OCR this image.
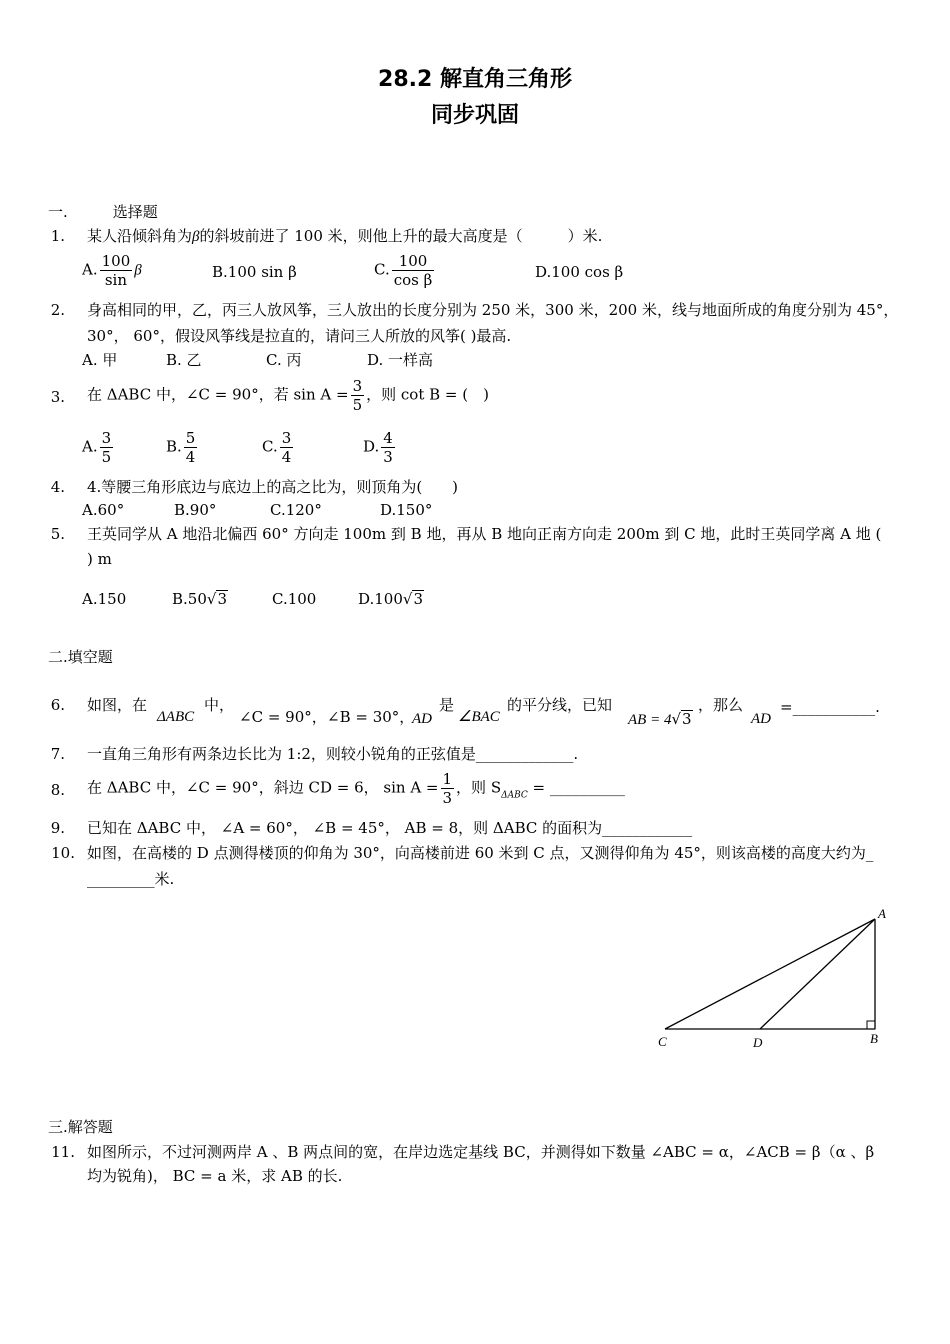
28.2 解直角三角形
同步巩固
一.　　　选择题
1. 某人沿倾斜角为β的斜坡前进了 100 米，则他上升的最大高度是（　　　）米.
A. $\frac{100}{\sin}$ β	B.100 sin β	C. $\frac{100}{\text{cos β}}$	D.100 cos β
2. 身高相同的甲，乙，丙三人放风筝，三人放出的长度分别为 250 米，300 米，200 米，线与地面所成的角度分别为 45°，
30°， 60°，假设风筝线是拉直的，请问三人所放的风筝( )最高.
A. 甲	B. 乙	C. 丙	D. 一样高
3. 在 ΔABC 中，∠C = 90°，若 $\sin A = \frac{3}{5}$ ，则 cot B = (　)
A. $\frac{3}{5}$	B. $\frac{5}{4}$	C. $\frac{3}{4}$	D. $\frac{4}{3}$
4. 4.等腰三角形底边与底边上的高之比为，则顶角为(　　)
A.60°	B.90°	C.120°	D.150°
5. 王英同学从 A 地沿北偏西 60° 方向走 100m 到 B 地，再从 B 地向正南方向走 200m 到 C 地，此时王英同学离 A 地 (
) m
A.150	B.50√3	C.100	D.100√3
二.填空题
6. 如图，在
ΔABC
中，
∠C = 90°， ∠B = 30°，
AD
是
∠BAC
的平分线，已知
AB = 4√3
，那么
AD
=___________.
7. 一直角三角形有两条边长比为 1:2，则较小锐角的正弦值是_____________.
8. 在 ΔABC 中，∠C = 90°，斜边 CD = 6， $\sin A = \frac{1}{3}$ ，则 $S_{\Delta ABC}$ = __________
9. 已知在 ΔABC 中， ∠A = 60°， ∠B = 45°， AB = 8，则 ΔABC 的面积为____________
10. 如图，在高楼的 D 点测得楼顶的仰角为 30°，向高楼前进 60 米到 C 点，又测得仰角为 45°，则该高楼的高度大约为_
_________米.
A
B
C	D
三.解答题
11. 如图所示，不过河测两岸 A 、B 两点间的宽，在岸边选定基线 BC，并测得如下数量 ∠ABC = α，∠ACB = β（α 、β
均为锐角)， BC = a 米，求 AB 的长.
